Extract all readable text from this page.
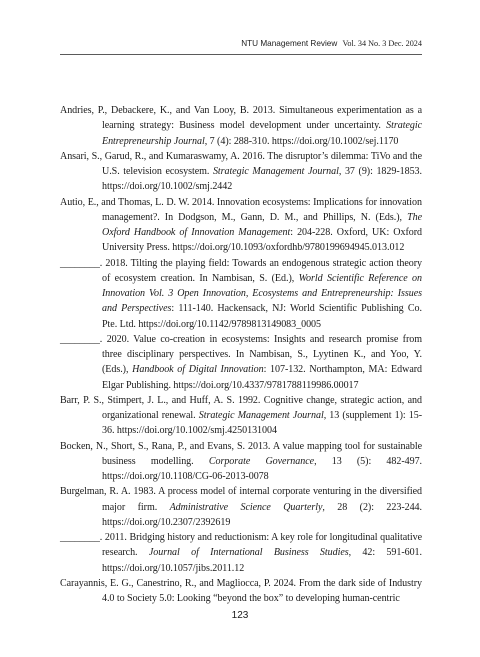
NTU Management Review Vol. 34 No. 3 Dec. 2024
Andries, P., Debackere, K., and Van Looy, B. 2013. Simultaneous experimentation as a learning strategy: Business model development under uncertainty. Strategic Entrepreneurship Journal, 7 (4): 288-310. https://doi.org/10.1002/sej.1170
Ansari, S., Garud, R., and Kumaraswamy, A. 2016. The disruptor’s dilemma: TiVo and the U.S. television ecosystem. Strategic Management Journal, 37 (9): 1829-1853. https://doi.org/10.1002/smj.2442
Autio, E., and Thomas, L. D. W. 2014. Innovation ecosystems: Implications for innovation management?. In Dodgson, M., Gann, D. M., and Phillips, N. (Eds.), The Oxford Handbook of Innovation Management: 204-228. Oxford, UK: Oxford University Press. https://doi.org/10.1093/oxfordhb/9780199694945.013.012
________. 2018. Tilting the playing field: Towards an endogenous strategic action theory of ecosystem creation. In Nambisan, S. (Ed.), World Scientific Reference on Innovation Vol. 3 Open Innovation, Ecosystems and Entrepreneurship: Issues and Perspectives: 111-140. Hackensack, NJ: World Scientific Publishing Co. Pte. Ltd. https://doi.org/10.1142/9789813149083_0005
________. 2020. Value co-creation in ecosystems: Insights and research promise from three disciplinary perspectives. In Nambisan, S., Lyytinen K., and Yoo, Y. (Eds.), Handbook of Digital Innovation: 107-132. Northampton, MA: Edward Elgar Publishing. https://doi.org/10.4337/9781788119986.00017
Barr, P. S., Stimpert, J. L., and Huff, A. S. 1992. Cognitive change, strategic action, and organizational renewal. Strategic Management Journal, 13 (supplement 1): 15-36. https://doi.org/10.1002/smj.4250131004
Bocken, N., Short, S., Rana, P., and Evans, S. 2013. A value mapping tool for sustainable business modelling. Corporate Governance, 13 (5): 482-497. https://doi.org/10.1108/CG-06-2013-0078
Burgelman, R. A. 1983. A process model of internal corporate venturing in the diversified major firm. Administrative Science Quarterly, 28 (2): 223-244. https://doi.org/10.2307/2392619
________. 2011. Bridging history and reductionism: A key role for longitudinal qualitative research. Journal of International Business Studies, 42: 591-601. https://doi.org/10.1057/jibs.2011.12
Carayannis, E. G., Canestrino, R., and Magliocca, P. 2024. From the dark side of Industry 4.0 to Society 5.0: Looking “beyond the box” to developing human-centric
123
